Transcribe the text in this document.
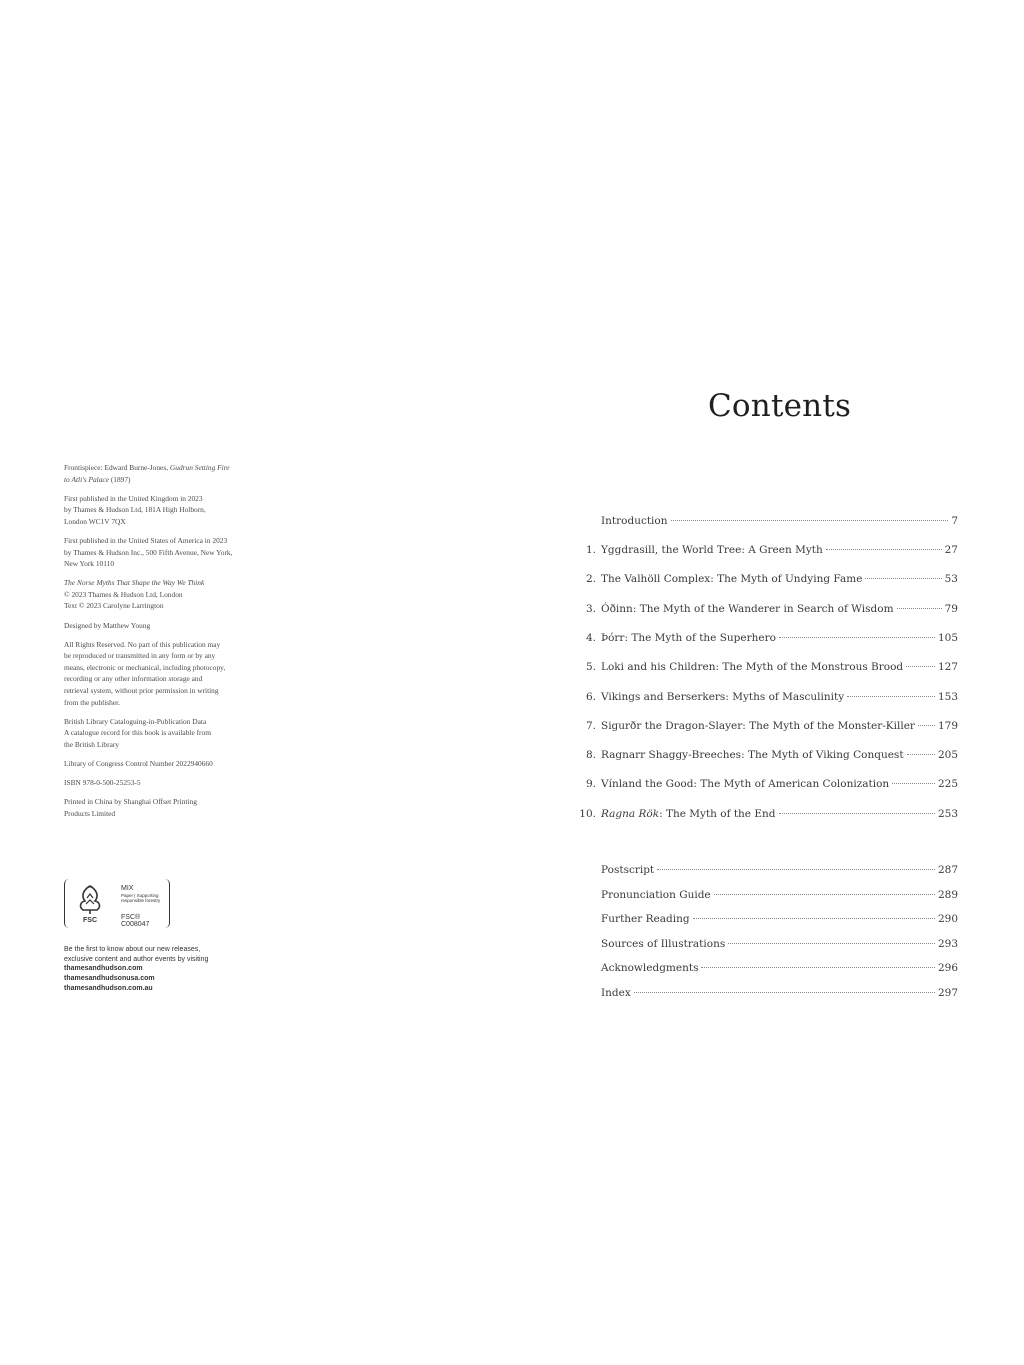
Frontispiece: Edward Burne-Jones, Gudrun Setting Fire
to Atli's Palace (1897)

First published in the United Kingdom in 2023
by Thames & Hudson Ltd, 181A High Holborn,
London WC1V 7QX

First published in the United States of America in 2023
by Thames & Hudson Inc., 500 Fifth Avenue, New York,
New York 10110

The Norse Myths That Shape the Way We Think
© 2023 Thames & Hudson Ltd, London
Text © 2023 Carolyne Larrington

Designed by Matthew Young

All Rights Reserved. No part of this publication may
be reproduced or transmitted in any form or by any
means, electronic or mechanical, including photocopy,
recording or any other information storage and
retrieval system, without prior permission in writing
from the publisher.

British Library Cataloguing-in-Publication Data
A catalogue record for this book is available from
the British Library

Library of Congress Control Number 2022940660

ISBN 978-0-500-25253-5

Printed in China by Shanghai Offset Printing
Products Limited

FSC
MIX
Paper | Supporting
responsible forestry
FSC® C008047
Be the first to know about our new releases,
exclusive content and author events by visiting
thamesandhudson.com
thamesandhudsonusa.com
thamesandhudson.com.au
Contents
Introduction	7
1. Yggdrasill, the World Tree: A Green Myth	27
2. The Valhöll Complex: The Myth of Undying Fame	53
3. Óðinn: The Myth of the Wanderer in Search of Wisdom	79
4. Þórr: The Myth of the Superhero	105
5. Loki and his Children: The Myth of the Monstrous Brood	127
6. Vikings and Berserkers: Myths of Masculinity	153
7. Sigurðr the Dragon-Slayer: The Myth of the Monster-Killer 179
8. Ragnarr Shaggy-Breeches: The Myth of Viking Conquest	205
9. Vínland the Good: The Myth of American Colonization	225
10. Ragna Rök: The Myth of the End	253
Postscript	287
Pronunciation Guide	289
Further Reading	290
Sources of Illustrations	293
Acknowledgments	296
Index	297
